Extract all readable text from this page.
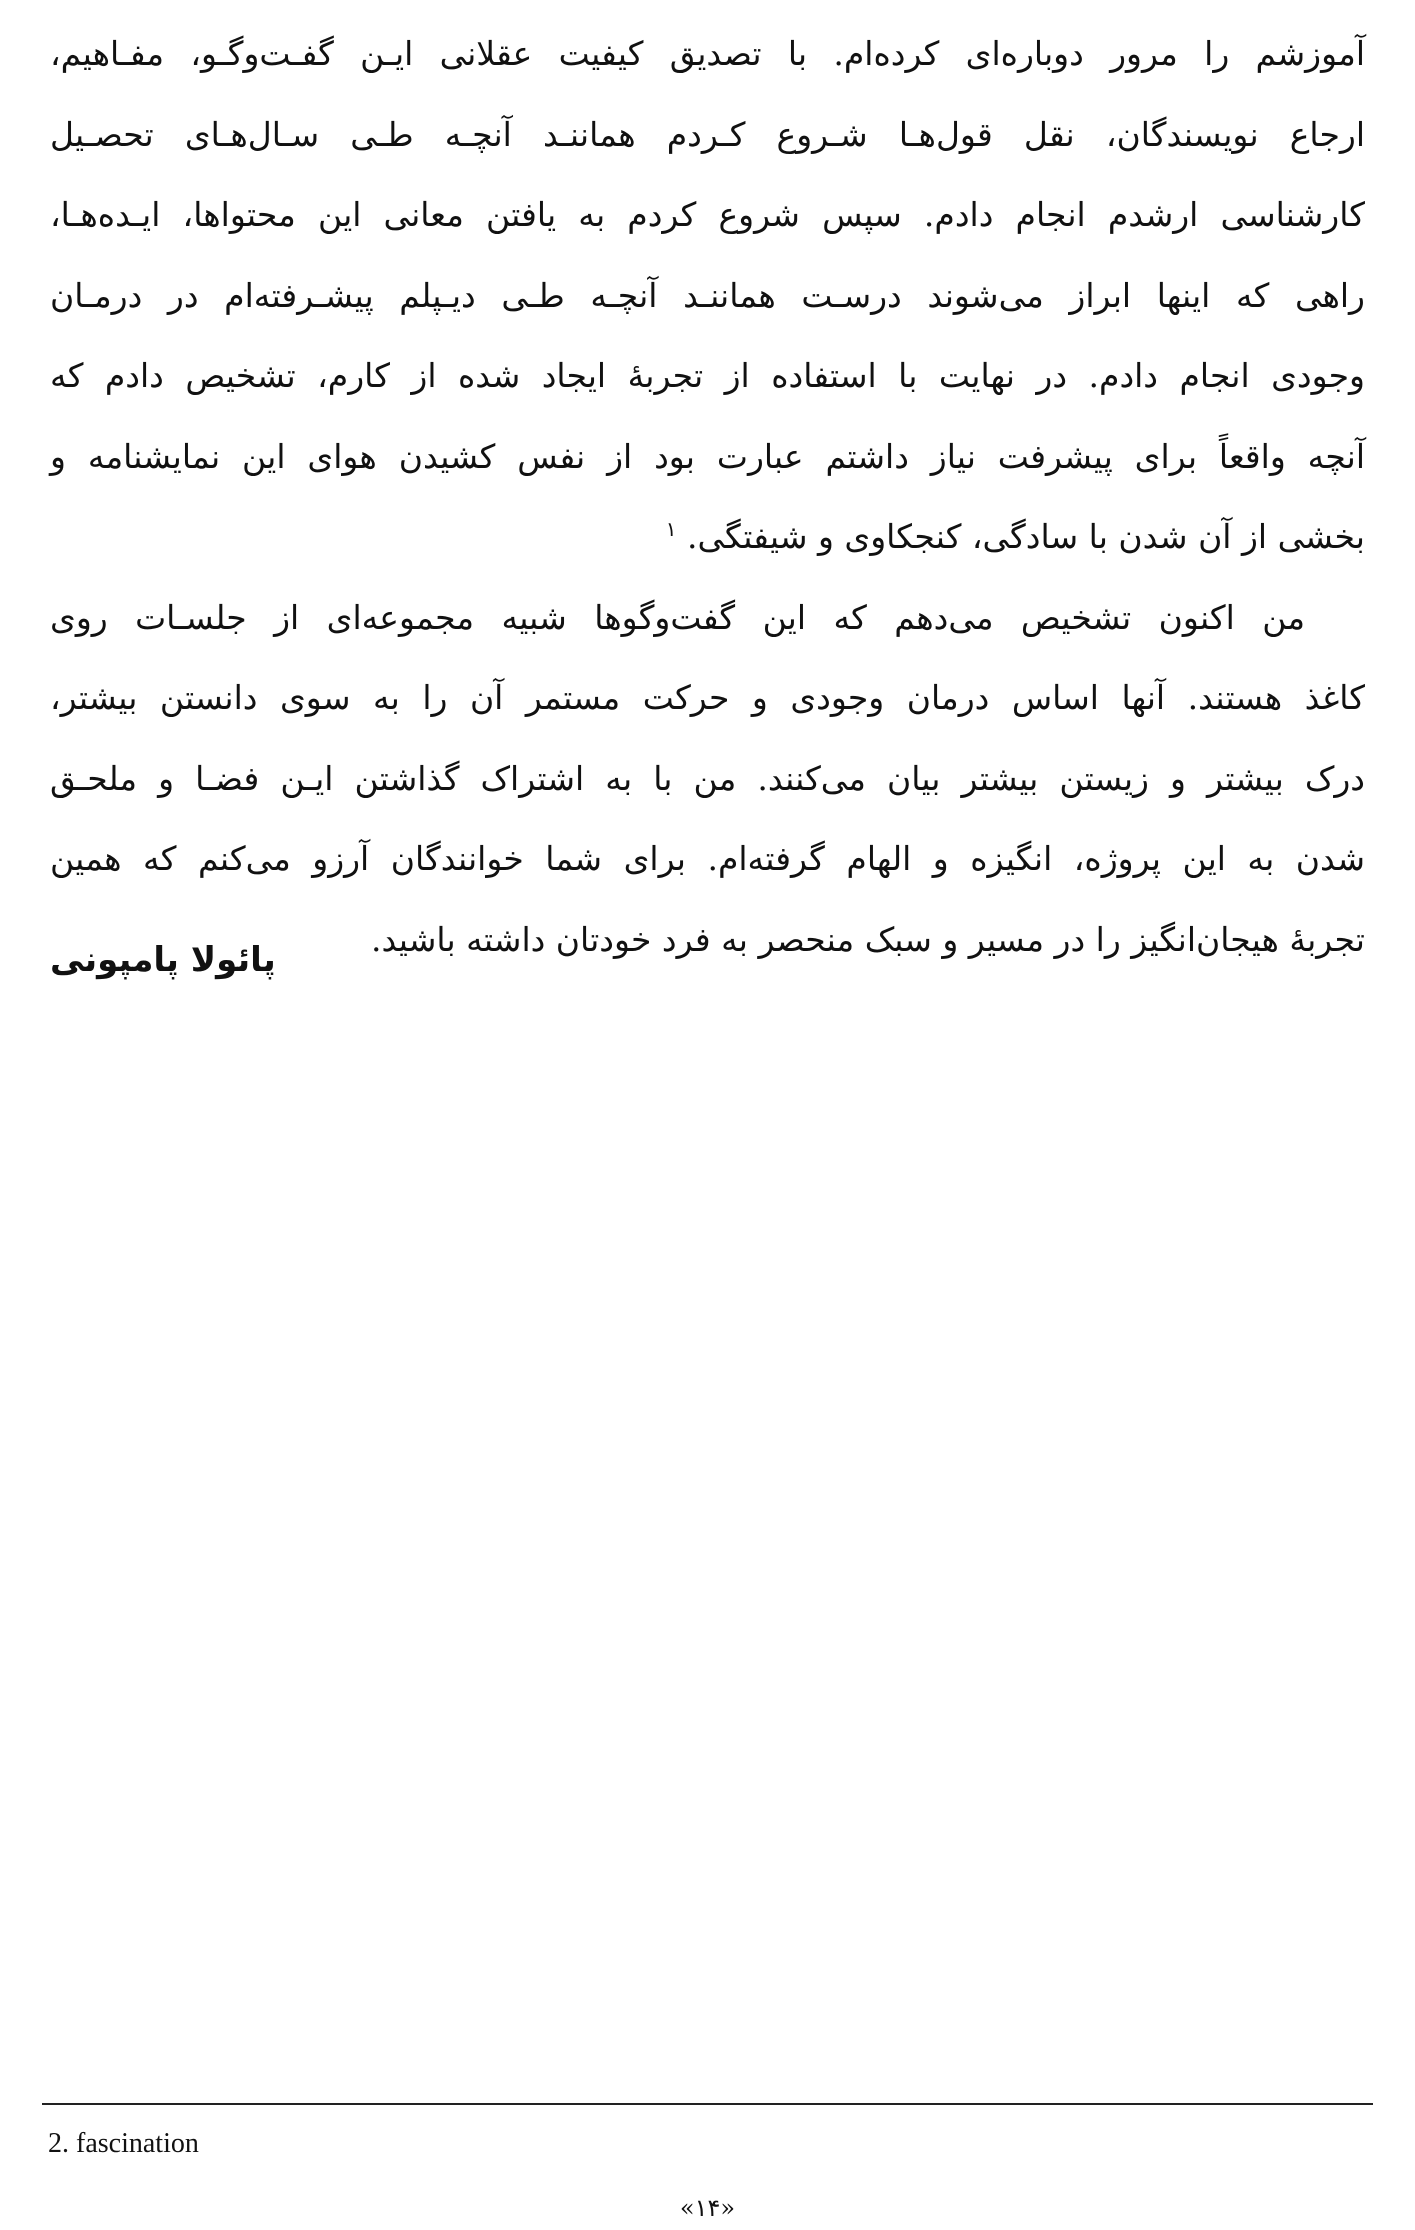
آموزشم را مرور دوباره‌ای کرده‌ام. با تصدیق کیفیت عقلانی ایـن گفـت‌وگـو، مفـاهیم،
ارجاع نویسندگان، نقل قول‌هـا شـروع کـردم هماننـد آنچـه طـی سـال‌هـای تحصـیل
کارشناسی ارشدم انجام دادم. سپس شروع کردم به یافتن معانی این محتواها، ایـده‌هـا،
راهی که اینها ابراز می‌شوند درسـت هماننـد آنچـه طـی دیـپلم پیشـرفته‌ام در درمـان
وجودی انجام دادم. در نهایت با استفاده از تجربهٔ ایجاد شده از کارم، تشخیص دادم که
آنچه واقعاً برای پیشرفت نیاز داشتم عبارت بود از نفس کشیدن هوای این نمایشنامه و
بخشی از آن شدن با سادگی، کنجکاوی و شیفتگی. $^۱$

من اکنون تشخیص می‌دهم که این گفت‌وگوها شبیه مجموعه‌ای از جلسـات روی
کاغذ هستند. آنها اساس درمان وجودی و حرکت مستمر آن را به سوی دانستن بیشتر،
درک بیشتر و زیستن بیشتر بیان می‌کنند. من با به اشتراک گذاشتن ایـن فضـا و ملحـق
شدن به این پروژه، انگیزه و الهام گرفته‌ام. برای شما خوانندگان آرزو می‌کنم که همین
تجربهٔ هیجان‌انگیز را در مسیر و سبک منحصر به فرد خودتان داشته باشید.

پائولا پامپونی
2. fascination
«۱۴»
